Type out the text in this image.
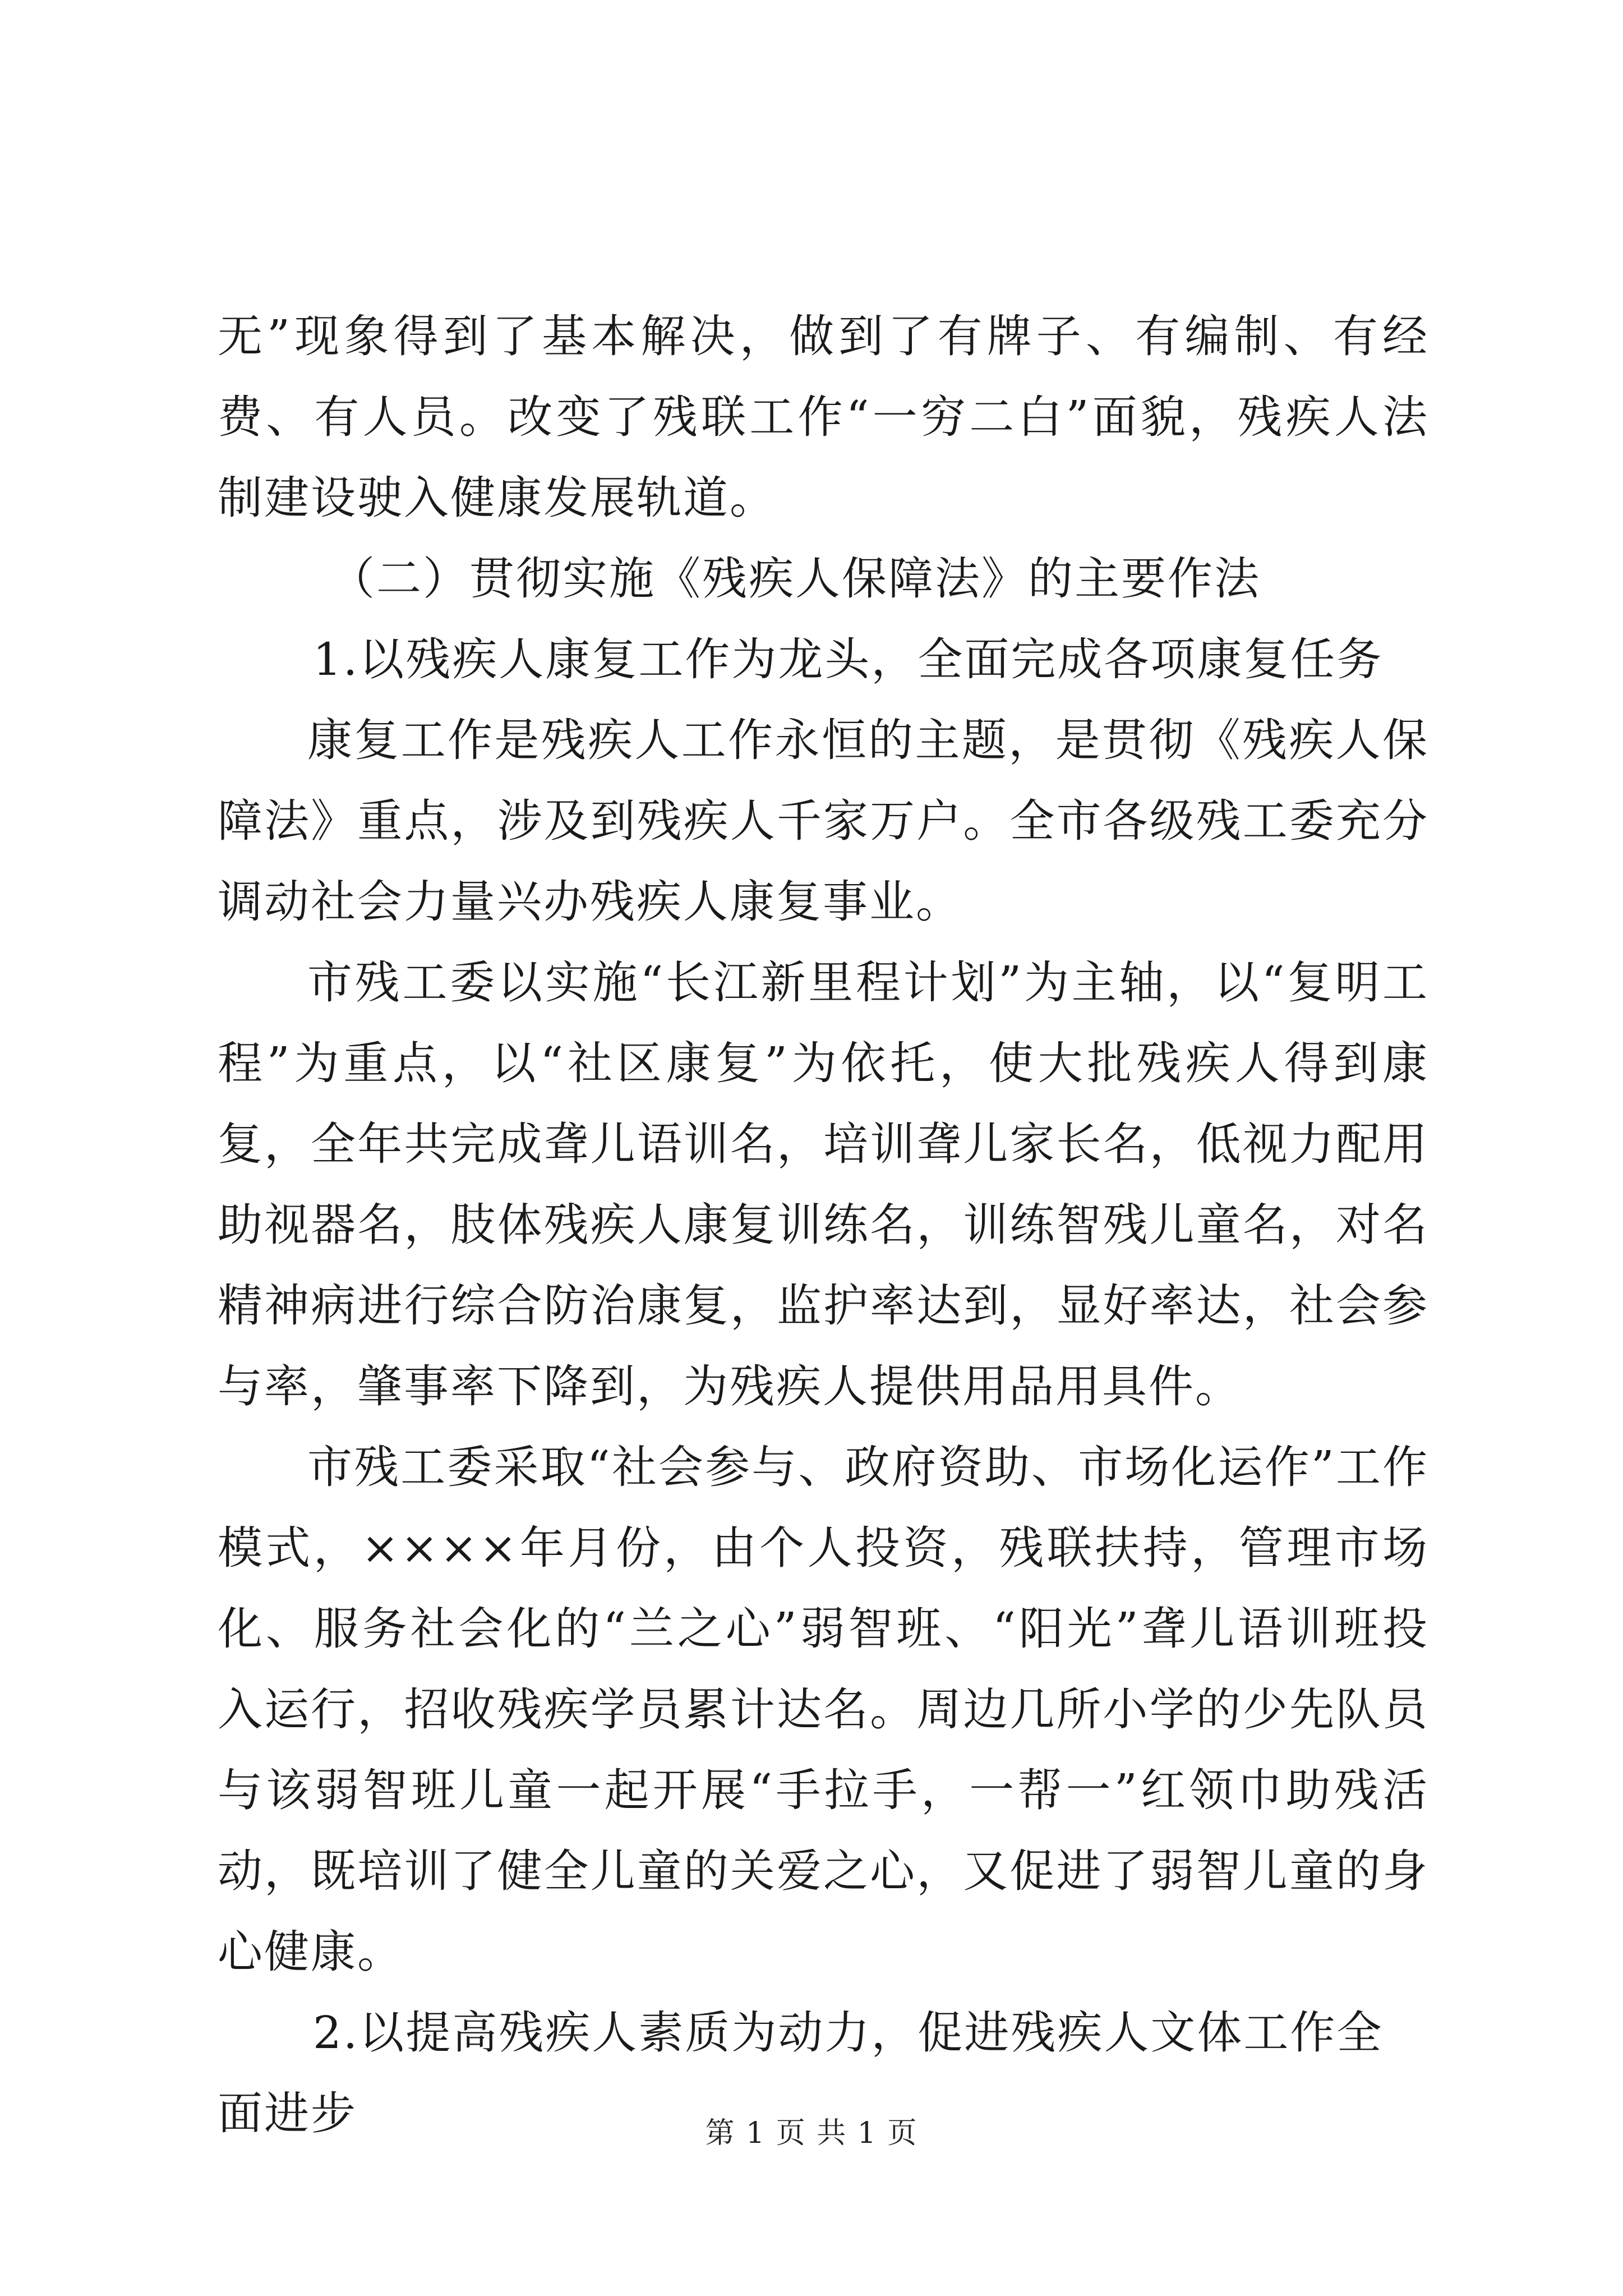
无”现象得到了基本解决，做到了有牌子、有编制、有经费、有人员。改变了残联工作“一穷二白”面貌，残疾人法制建设驶入健康发展轨道。

（二）贯彻实施《残疾人保障法》的主要作法

1.以残疾人康复工作为龙头，全面完成各项康复任务

康复工作是残疾人工作永恒的主题，是贯彻《残疾人保障法》重点，涉及到残疾人千家万户。全市各级残工委充分调动社会力量兴办残疾人康复事业。

市残工委以实施“长江新里程计划”为主轴，以“复明工程”为重点，以“社区康复”为依托，使大批残疾人得到康复，全年共完成聋儿语训名，培训聋儿家长名，低视力配用助视器名，肢体残疾人康复训练名，训练智残儿童名，对名精神病进行综合防治康复，监护率达到，显好率达，社会参与率，肇事率下降到，为残疾人提供用品用具件。

市残工委采取“社会参与、政府资助、市场化运作”工作模式，××××年月份，由个人投资，残联扶持，管理市场化、服务社会化的“兰之心”弱智班、“阳光”聋儿语训班投入运行，招收残疾学员累计达名。周边几所小学的少先队员与该弱智班儿童一起开展“手拉手，一帮一”红领巾助残活动，既培训了健全儿童的关爱之心，又促进了弱智儿童的身心健康。

2.以提高残疾人素质为动力，促进残疾人文体工作全面进步	第 1 页 共 1 页
